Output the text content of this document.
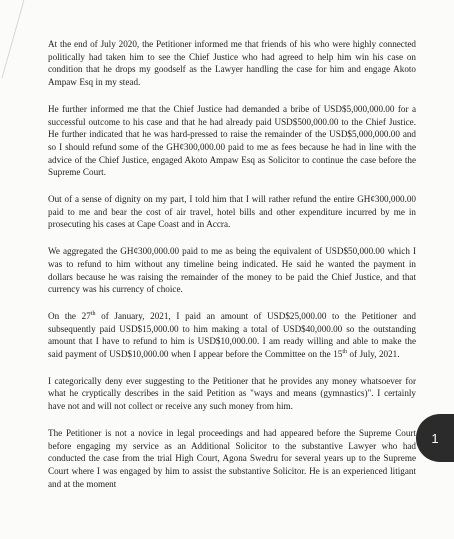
At the end of July 2020, the Petitioner informed me that friends of his who were highly connected politically had taken him to see the Chief Justice who had agreed to help him win his case on condition that he drops my goodself as the Lawyer handling the case for him and engage Akoto Ampaw Esq in my stead.

He further informed me that the Chief Justice had demanded a bribe of USD$5,000,000.00 for a successful outcome to his case and that he had already paid USD$500,000.00 to the Chief Justice. He further indicated that he was hard-pressed to raise the remainder of the USD$5,000,000.00 and so I should refund some of the GH¢300,000.00 paid to me as fees because he had in line with the advice of the Chief Justice, engaged Akoto Ampaw Esq as Solicitor to continue the case before the Supreme Court.

Out of a sense of dignity on my part, I told him that I will rather refund the entire GH¢300,000.00 paid to me and bear the cost of air travel, hotel bills and other expenditure incurred by me in prosecuting his cases at Cape Coast and in Accra.

We aggregated the GH¢300,000.00 paid to me as being the equivalent of USD$50,000.00 which I was to refund to him without any timeline being indicated. He said he wanted the payment in dollars because he was raising the remainder of the money to be paid the Chief Justice, and that currency was his currency of choice.

On the 27th of January, 2021, I paid an amount of USD$25,000.00 to the Petitioner and subsequently paid USD$15,000.00 to him making a total of USD$40,000.00 so the outstanding amount that I have to refund to him is USD$10,000.00. I am ready willing and able to make the said payment of USD$10,000.00 when I appear before the Committee on the 15th of July, 2021.

I categorically deny ever suggesting to the Petitioner that he provides any money whatsoever for what he cryptically describes in the said Petition as "ways and means (gymnastics)". I certainly have not and will not collect or receive any such money from him.

The Petitioner is not a novice in legal proceedings and had appeared before the Supreme Court before engaging my service as an Additional Solicitor to the substantive Lawyer who had conducted the case from the trial High Court, Agona Swedru for several years up to the Supreme Court where I was engaged by him to assist the substantive Solicitor. He is an experienced litigant and at the moment

1
